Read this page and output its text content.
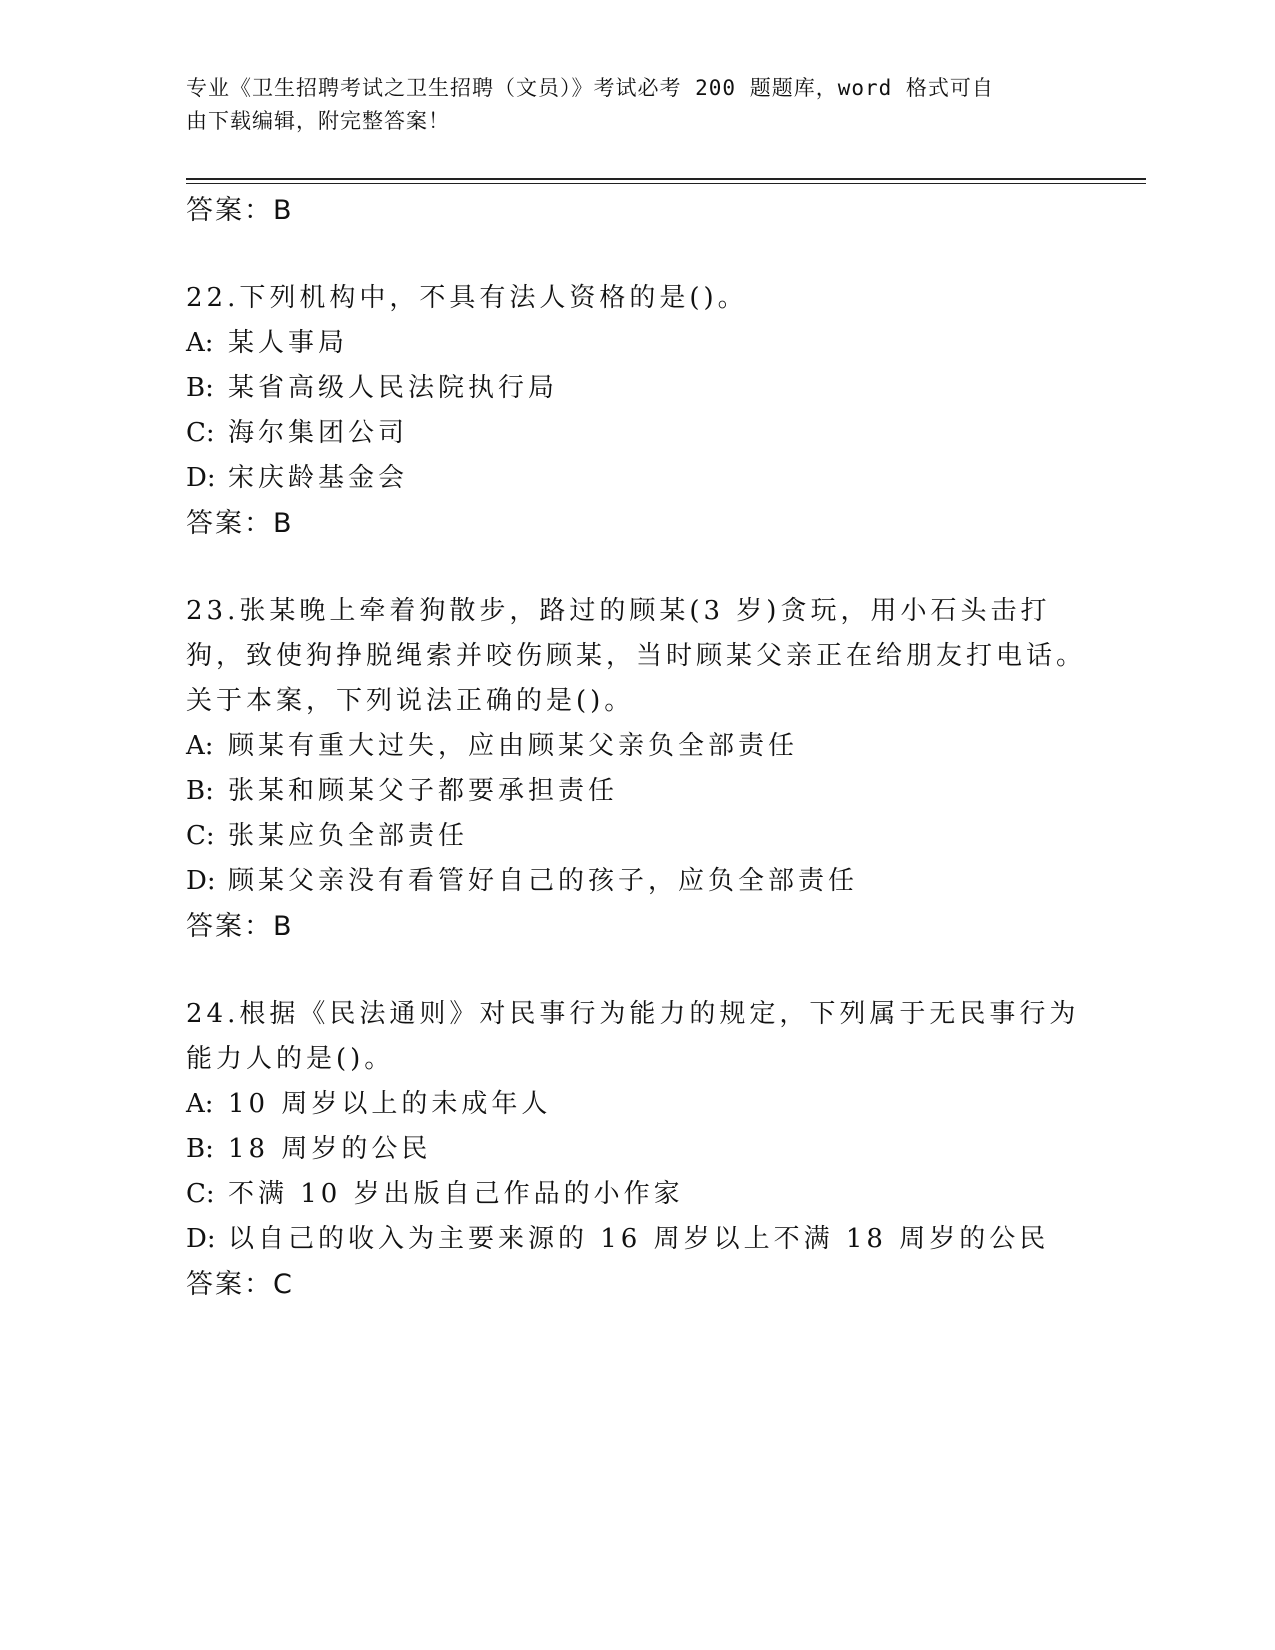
专业《卫生招聘考试之卫生招聘（文员）》考试必考 200 题题库，word 格式可自
由下载编辑，附完整答案！

答案：B

22.下列机构中，不具有法人资格的是()。

A: 某人事局

B: 某省高级人民法院执行局

C: 海尔集团公司

D: 宋庆龄基金会

答案：B

23.张某晚上牵着狗散步，路过的顾某(3 岁)贪玩，用小石头击打狗，致使狗挣脱绳索并咬伤顾某，当时顾某父亲正在给朋友打电话。关于本案，下列说法正确的是()。

A: 顾某有重大过失，应由顾某父亲负全部责任

B: 张某和顾某父子都要承担责任

C: 张某应负全部责任

D: 顾某父亲没有看管好自己的孩子，应负全部责任

答案：B

24.根据《民法通则》对民事行为能力的规定，下列属于无民事行为能力人的是()。

A: 10 周岁以上的未成年人

B: 18 周岁的公民

C: 不满 10 岁出版自己作品的小作家

D: 以自己的收入为主要来源的 16 周岁以上不满 18 周岁的公民

答案：C
